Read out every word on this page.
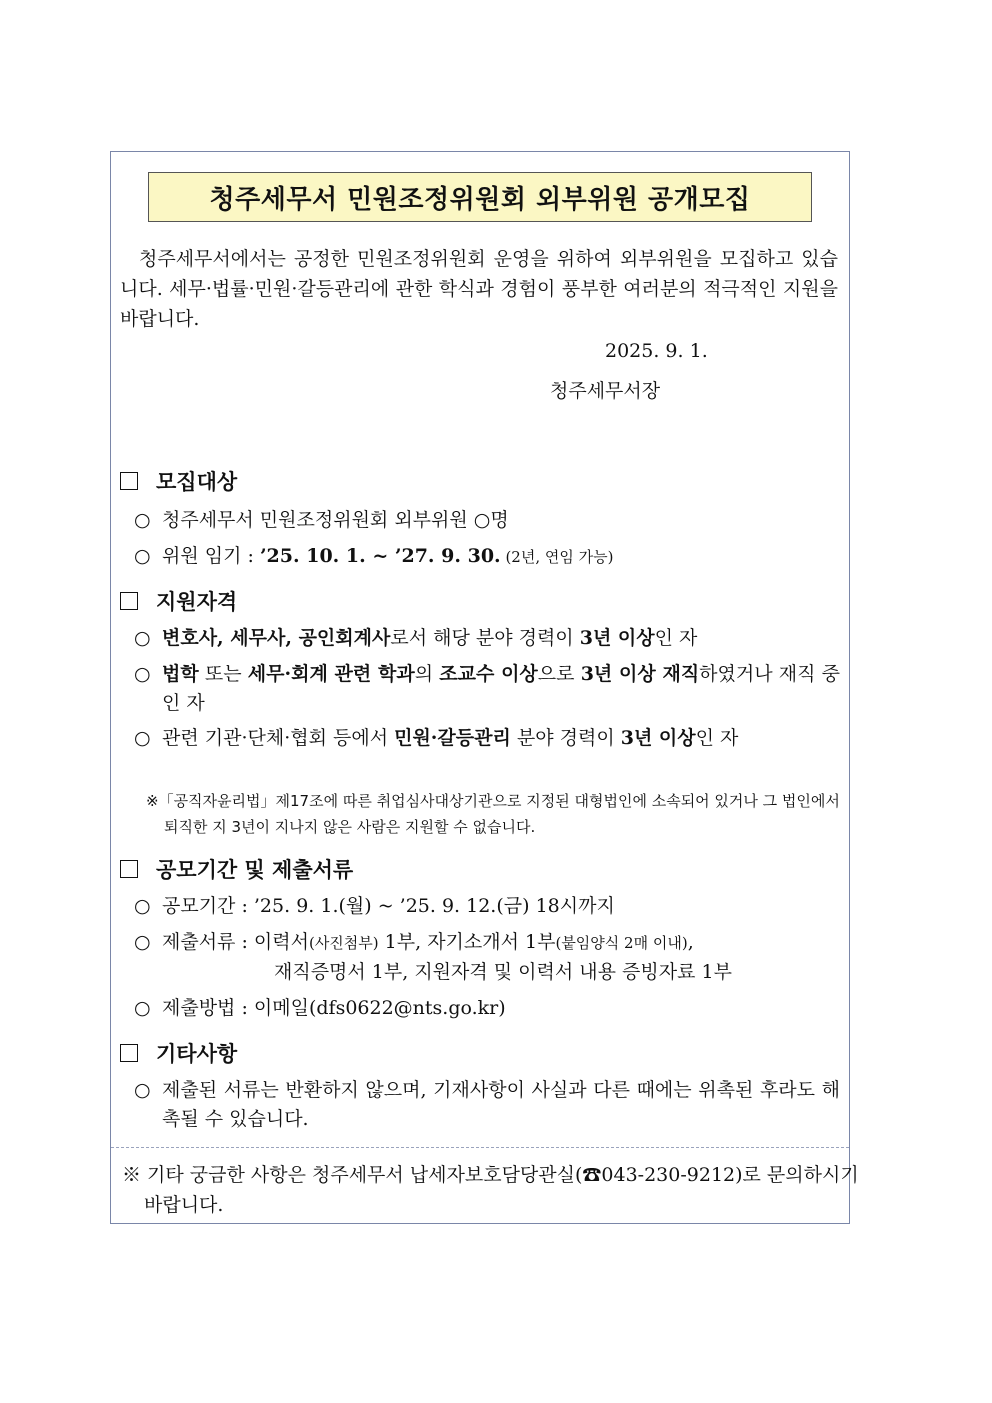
청주세무서 민원조정위원회 외부위원 공개모집
청주세무서에서는 공정한 민원조정위원회 운영을 위하여 외부위원을 모집하고 있습니다. 세무·법률·민원·갈등관리에 관한 학식과 경험이 풍부한 여러분의 적극적인 지원을 바랍니다.
2025. 9. 1.
청주세무서장
모집대상
○ 청주세무서 민원조정위원회 외부위원 ○명
○ 위원 임기 : ’25. 10. 1. ~ ’27. 9. 30. (2년, 연임 가능)
지원자격
○ 변호사, 세무사, 공인회계사로서 해당 분야 경력이 3년 이상인 자
○ 법학 또는 세무·회계 관련 학과의 조교수 이상으로 3년 이상 재직하였거나 재직 중인 자
○ 관련 기관·단체·협회 등에서 민원·갈등관리 분야 경력이 3년 이상인 자
※「공직자윤리법」제17조에 따른 취업심사대상기관으로 지정된 대형법인에 소속되어 있거나 그 법인에서 퇴직한 지 3년이 지나지 않은 사람은 지원할 수 없습니다.
공모기간 및 제출서류
○ 공모기간 : ’25. 9. 1.(월) ~ ’25. 9. 12.(금) 18시까지
○ 제출서류 : 이력서(사진첨부) 1부, 자기소개서 1부(붙임양식 2매 이내),
재직증명서 1부, 지원자격 및 이력서 내용 증빙자료 1부
○ 제출방법 : 이메일(dfs0622@nts.go.kr)
기타사항
○ 제출된 서류는 반환하지 않으며, 기재사항이 사실과 다른 때에는 위촉된 후라도 해촉될 수 있습니다.
※ 기타 궁금한 사항은 청주세무서 납세자보호담당관실(☎043-230-9212)로 문의하시기 바랍니다.
